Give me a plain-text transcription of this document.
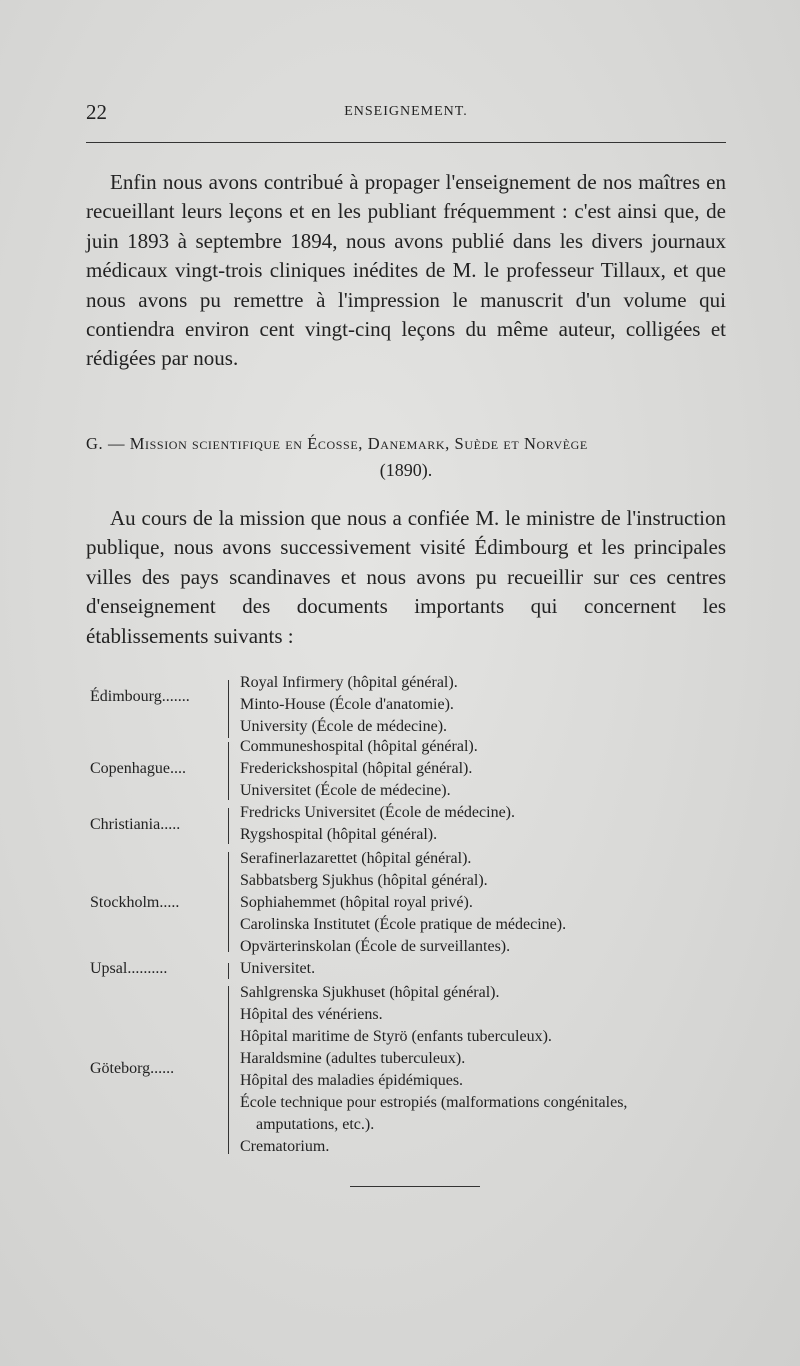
22	ENSEIGNEMENT.

Enfin nous avons contribué à propager l'enseignement de nos maîtres en recueillant leurs leçons et en les publiant fréquemment : c'est ainsi que, de juin 1893 à septembre 1894, nous avons publié dans les divers journaux médicaux vingt-trois cliniques inédites de M. le professeur Tillaux, et que nous avons pu remettre à l'impression le manuscrit d'un volume qui contiendra environ cent vingt-cinq leçons du même auteur, colligées et rédigées par nous.

G. — Mission scientifique en Écosse, Danemark, Suède et Norvège
(1890).

Au cours de la mission que nous a confiée M. le ministre de l'instruction publique, nous avons successivement visité Édimbourg et les principales villes des pays scandinaves et nous avons pu recueillir sur ces centres d'enseignement des documents importants qui concernent les établissements suivants :

Édimbourg.......
Royal Infirmery (hôpital général).
Minto-House (École d'anatomie).
University (École de médecine).
Copenhague....
Communeshospital (hôpital général).
Frederickshospital (hôpital général).
Universitet (École de médecine).
Christiania.....
Fredricks Universitet (École de médecine).
Rygshospital (hôpital général).
Stockholm.....
Serafinerlazarettet (hôpital général).
Sabbatsberg Sjukhus (hôpital général).
Sophiahemmet (hôpital royal privé).
Carolinska Institutet (École pratique de médecine).
Opvärterinskolan (École de surveillantes).
Upsal..........	Universitet.
Göteborg......
Sahlgrenska Sjukhuset (hôpital général).
Hôpital des vénériens.
Hôpital maritime de Styrö (enfants tuberculeux).
Haraldsmine (adultes tuberculeux).
Hôpital des maladies épidémiques.
École technique pour estropiés (malformations congénitales,
amputations, etc.).
Crematorium.
